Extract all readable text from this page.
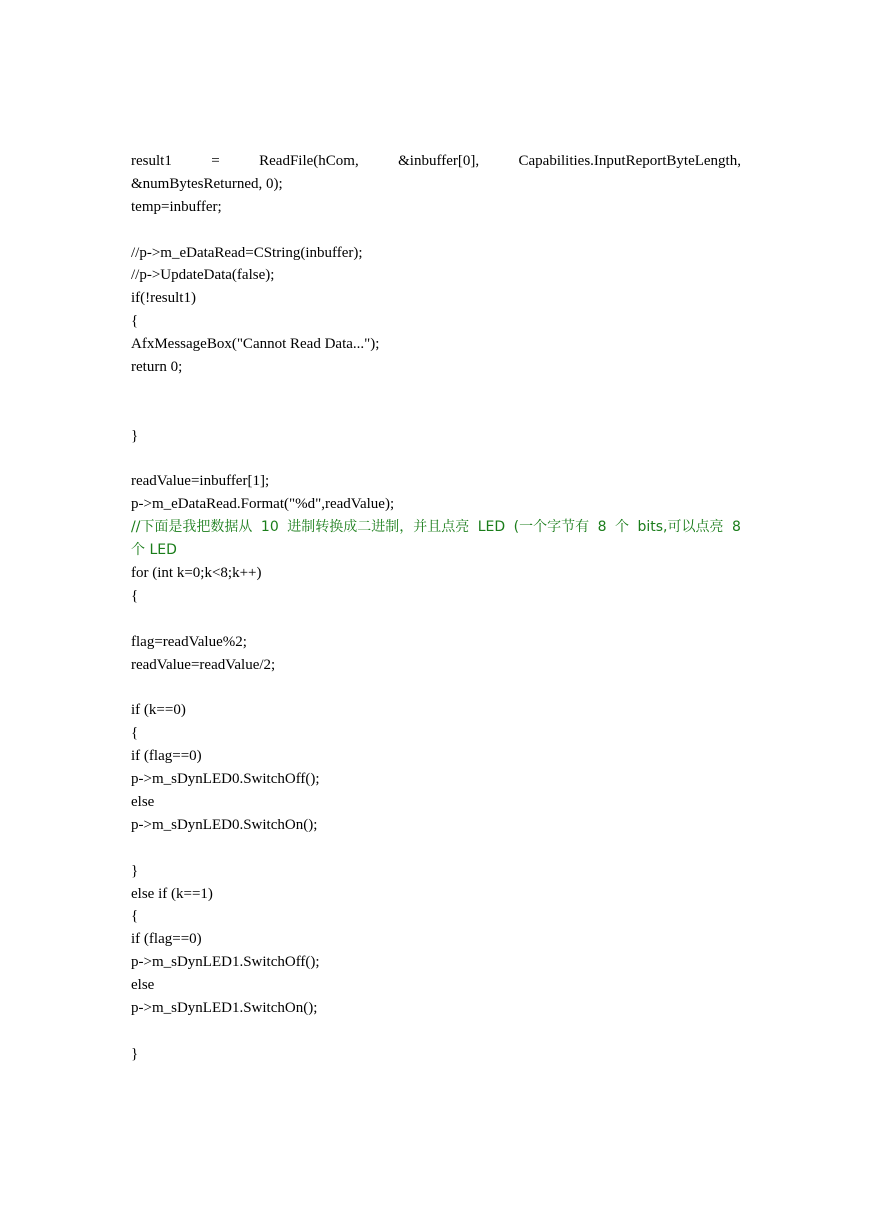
result1	=	ReadFile(hCom,	&inbuffer[0],	Capabilities.InputReportByteLength,
&numBytesReturned, 0);
temp=inbuffer;
//p->m_eDataRead=CString(inbuffer);
//p->UpdateData(false);
if(!result1)
{
AfxMessageBox("Cannot Read Data...");
return 0;
}
readValue=inbuffer[1];
p->m_eDataRead.Format("%d",readValue);
//下面是我把数据从 10 进制转换成二进制，并且点亮 LED (一个字节有 8 个 bits,可以点亮 8
个 LED
for (int k=0;k<8;k++)
{
flag=readValue%2;
readValue=readValue/2;
if (k==0)
{
if (flag==0)
p->m_sDynLED0.SwitchOff();
else
p->m_sDynLED0.SwitchOn();
}
else if (k==1)
{
if (flag==0)
p->m_sDynLED1.SwitchOff();
else
p->m_sDynLED1.SwitchOn();
}
